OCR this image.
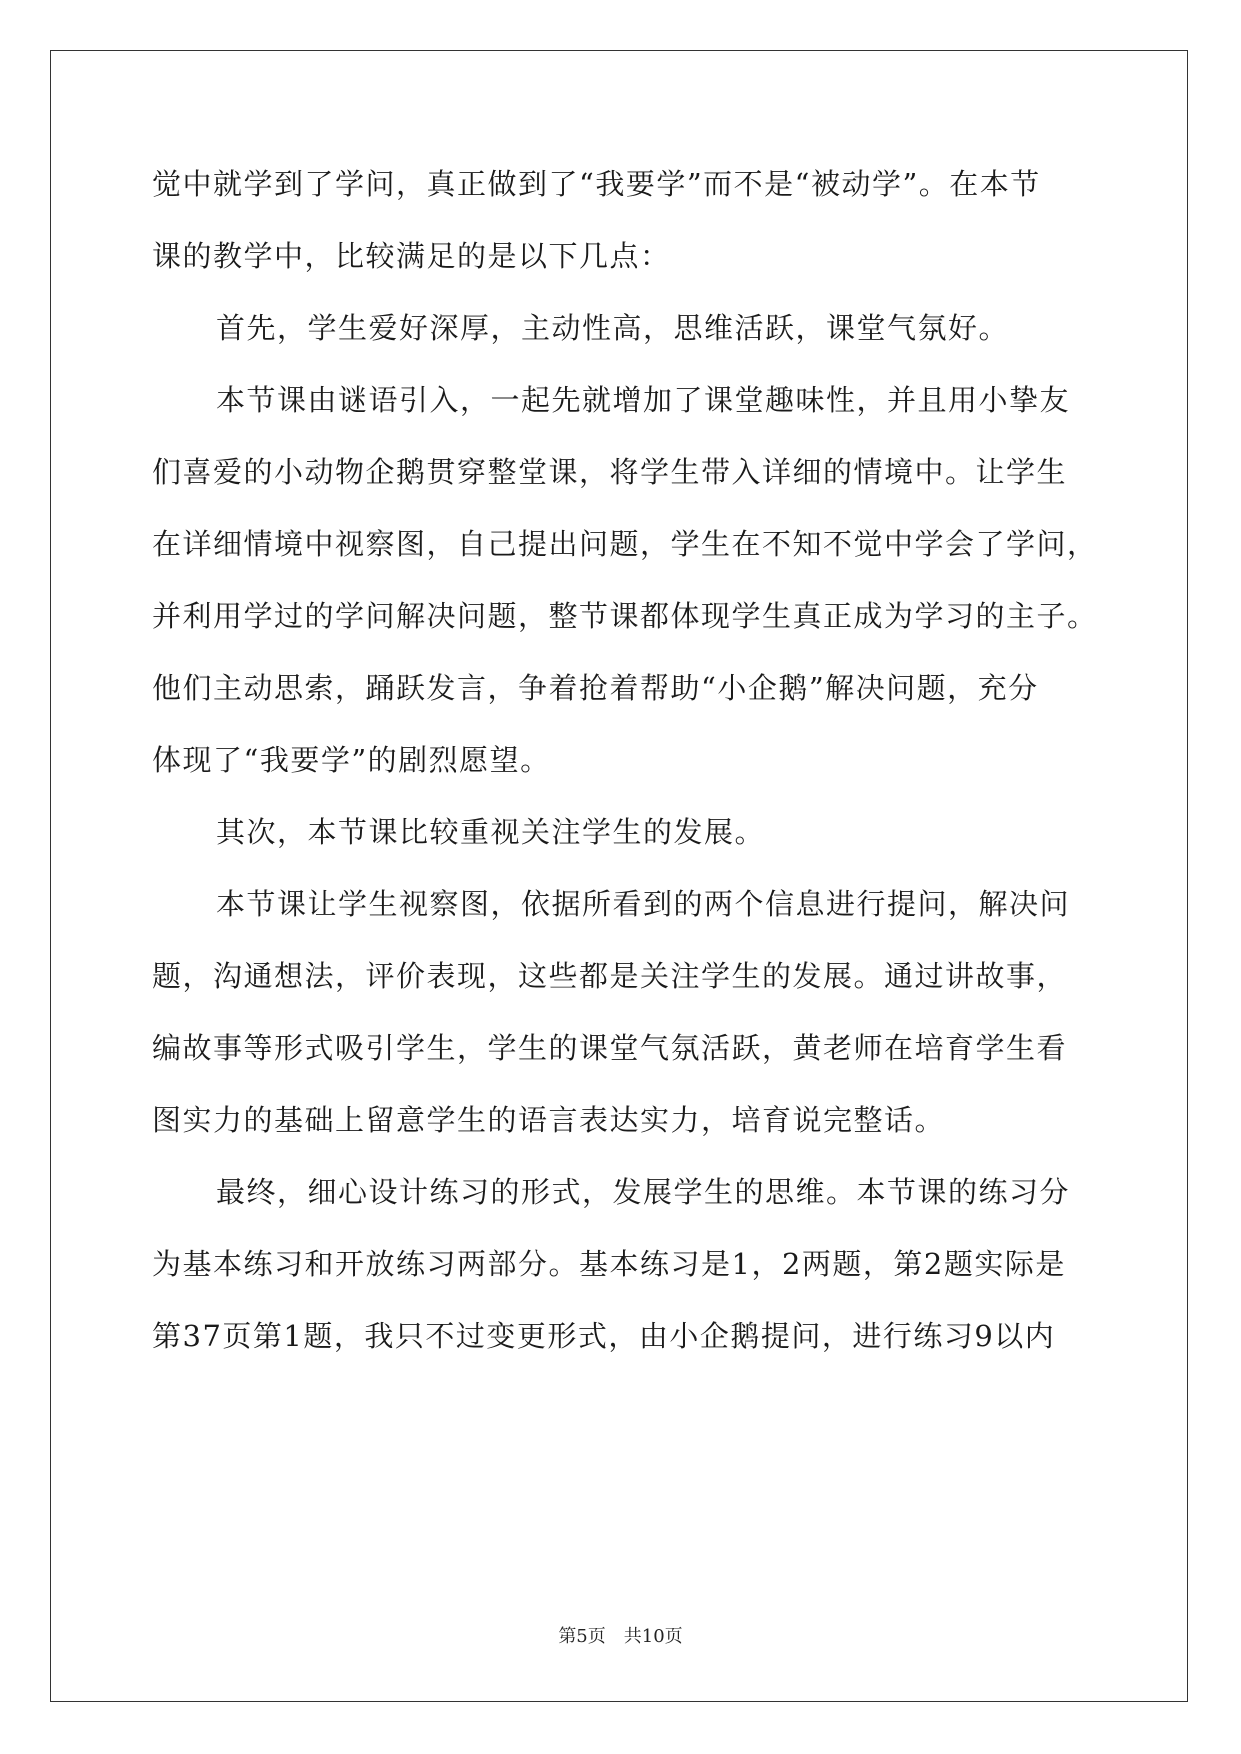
觉中就学到了学问，真正做到了“我要学”而不是“被动学”。在本节
课的教学中，比较满足的是以下几点：
首先，学生爱好深厚，主动性高，思维活跃，课堂气氛好。
本节课由谜语引入，一起先就增加了课堂趣味性，并且用小挚友
们喜爱的小动物企鹅贯穿整堂课，将学生带入详细的情境中。让学生
在详细情境中视察图，自己提出问题，学生在不知不觉中学会了学问，
并利用学过的学问解决问题，整节课都体现学生真正成为学习的主子。
他们主动思索，踊跃发言，争着抢着帮助“小企鹅”解决问题，充分
体现了“我要学”的剧烈愿望。
其次，本节课比较重视关注学生的发展。
本节课让学生视察图，依据所看到的两个信息进行提问，解决问
题，沟通想法，评价表现，这些都是关注学生的发展。通过讲故事，
编故事等形式吸引学生，学生的课堂气氛活跃，黄老师在培育学生看
图实力的基础上留意学生的语言表达实力，培育说完整话。
最终，细心设计练习的形式，发展学生的思维。本节课的练习分
为基本练习和开放练习两部分。基本练习是1，2两题，第2题实际是
第37页第1题，我只不过变更形式，由小企鹅提问，进行练习9以内
第5页　共10页
